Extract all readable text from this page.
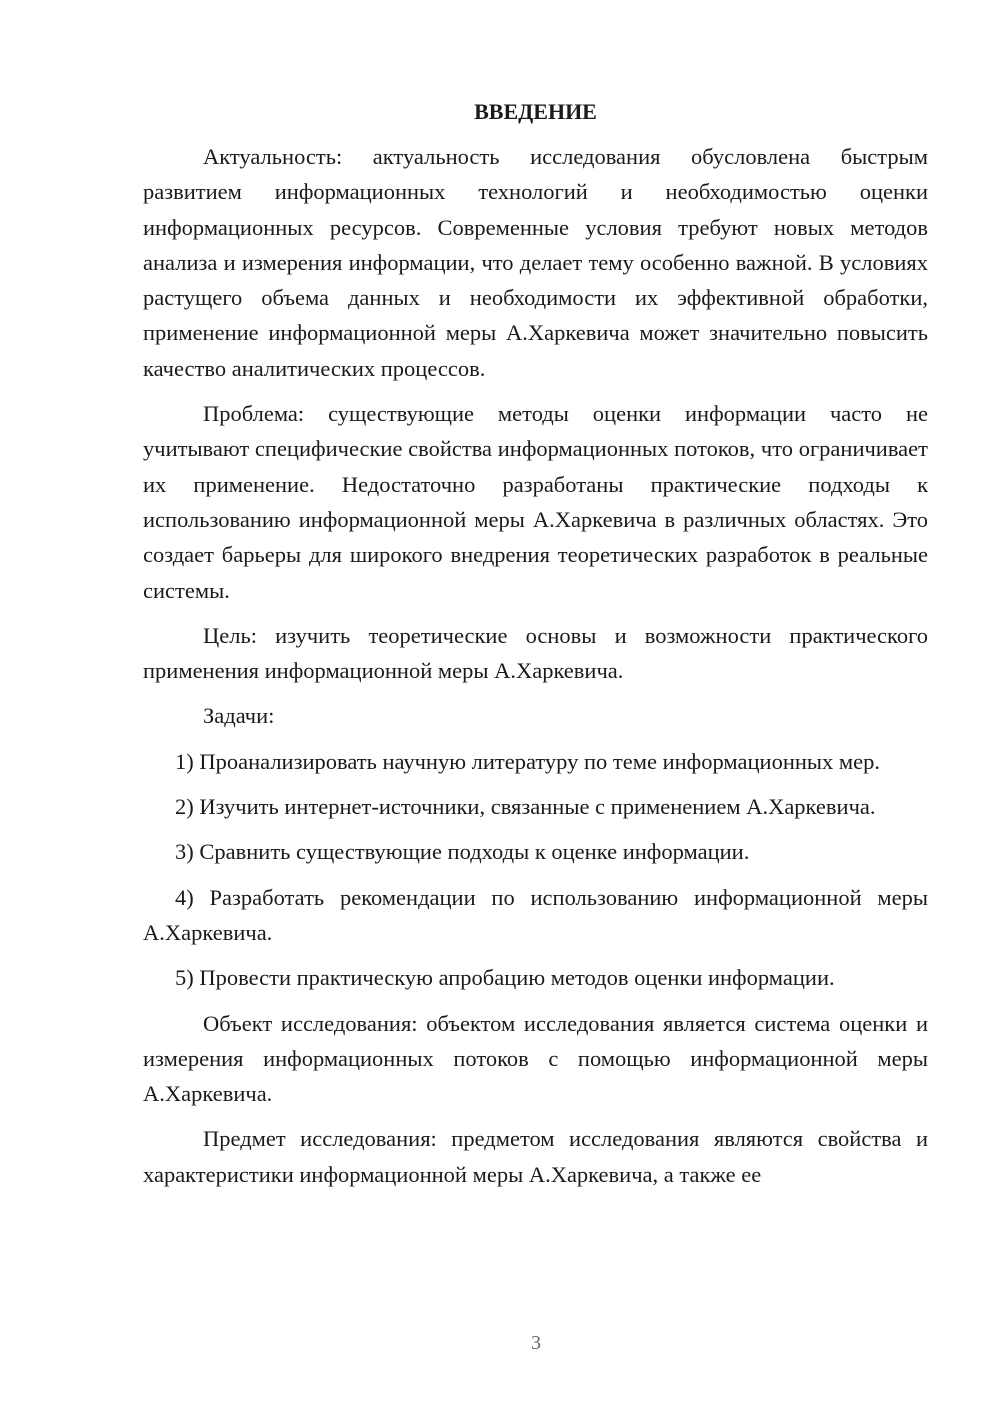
ВВЕДЕНИЕ

Актуальность: актуальность исследования обусловлена быстрым развитием информационных технологий и необходимостью оценки информационных ресурсов. Современные условия требуют новых методов анализа и измерения информации, что делает тему особенно важной. В условиях растущего объема данных и необходимости их эффективной обработки, применение информационной меры А.Харкевича может значительно повысить качество аналитических процессов.

Проблема: существующие методы оценки информации часто не учитывают специфические свойства информационных потоков, что ограничивает их применение. Недостаточно разработаны практические подходы к использованию информационной меры А.Харкевича в различных областях. Это создает барьеры для широкого внедрения теоретических разработок в реальные системы.

Цель: изучить теоретические основы и возможности практического применения информационной меры А.Харкевича.

Задачи:

1) Проанализировать научную литературу по теме информационных мер.

2) Изучить интернет-источники, связанные с применением А.Харкевича.

3) Сравнить существующие подходы к оценке информации.

4) Разработать рекомендации по использованию информационной меры А.Харкевича.

5) Провести практическую апробацию методов оценки информации.

Объект исследования: объектом исследования является система оценки и измерения информационных потоков с помощью информационной меры А.Харкевича.

Предмет исследования: предметом исследования являются свойства и характеристики информационной меры А.Харкевича, а также ее

3
